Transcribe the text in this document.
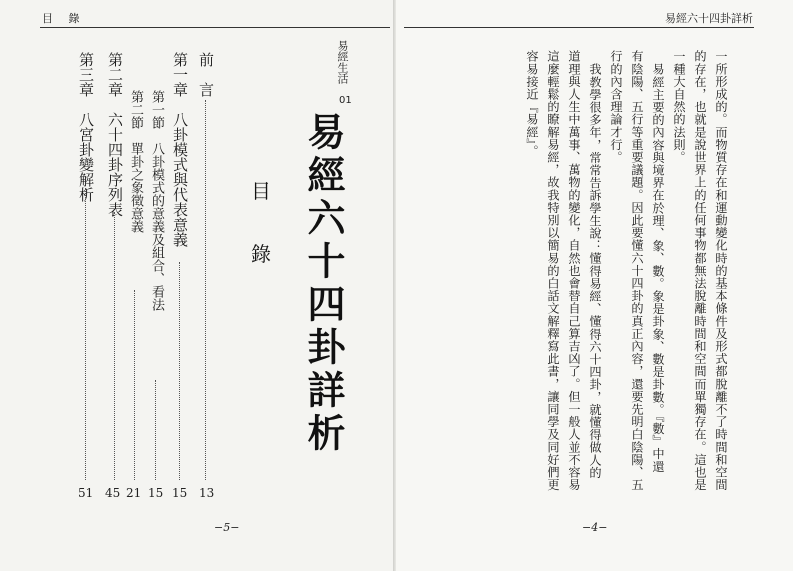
目 錄
前　言
13
第一章　八卦模式與代表意義
15
第一節　八卦模式的意義及組合、看法
15
第二節　單卦之象徵意義
21
第二章　六十四卦序列表
45
第三章　八宮卦變解析
51
易經生活
01
易經六十四卦詳析
目
錄
−5−
易經六十四卦詳析
一所形成的。而物質存在和運動變化時的基本條件及形式都脫離不了時間和空間
的存在，也就是說世界上的任何事物都無法脫離時間和空間而單獨存在。這也是
一種大自然的法則。
易經主要的內容與境界在於理、象、數。象是卦象、數是卦數。『數』中還
有陰陽、五行等重要議題。因此要懂六十四卦的真正內容，還要先明白陰陽、五
行的內含理論才行。
我教學很多年，常常告訴學生說：懂得易經、懂得六十四卦，就懂得做人的
道理與人生中萬事、萬物的變化，自然也會替自己算吉凶了。但一般人並不容易
這麼輕鬆的瞭解易經，故我特別以簡易的白話文解釋寫此書，讓同學及同好們更
容易接近『易經』。
−4−
